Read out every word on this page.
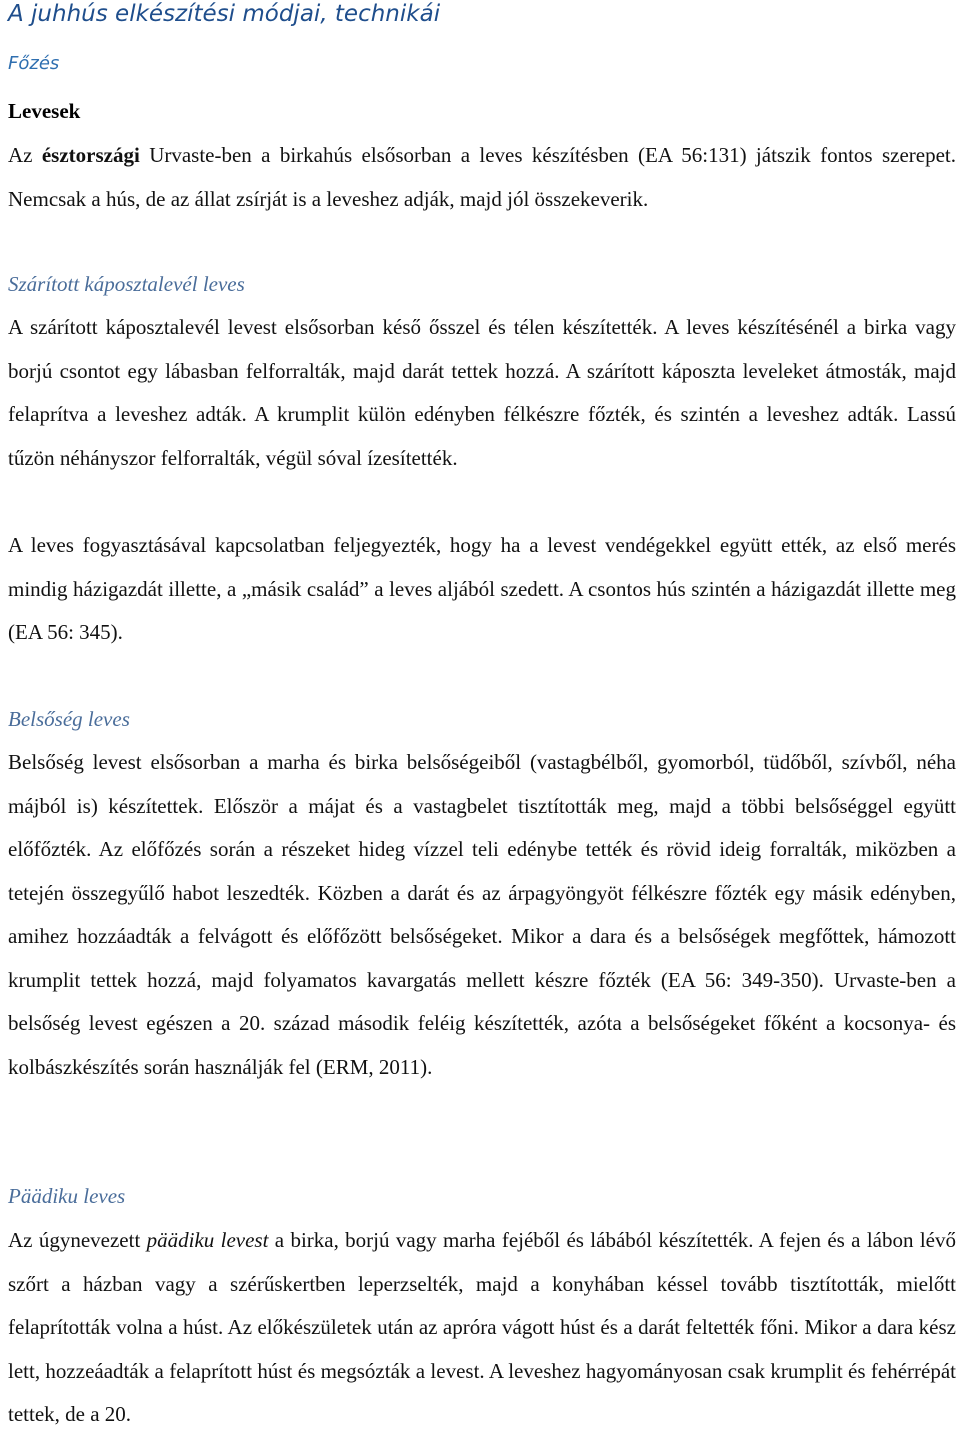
A juhhús elkészítési módjai, technikái
Főzés
Levesek

Az észtországi Urvaste-ben a birkahús elsősorban a leves készítésben (EA 56:131) játszik fontos szerepet. Nemcsak a hús, de az állat zsírját is a leveshez adják, majd jól összekeverik.

Szárított káposztalevél leves

A szárított káposztalevél levest elsősorban késő ősszel és télen készítették. A leves készítésénél a birka vagy borjú csontot egy lábasban felforralták, majd darát tettek hozzá. A szárított káposzta leveleket átmosták, majd felaprítva a leveshez adták. A krumplit külön edényben félkészre főzték, és szintén a leveshez adták. Lassú tűzön néhányszor felforralták, végül sóval ízesítették.

A leves fogyasztásával kapcsolatban feljegyezték, hogy ha a levest vendégekkel együtt ették, az első merés mindig házigazdát illette, a „másik család” a leves aljából szedett. A csontos hús szintén a házigazdát illette meg (EA 56: 345).

Belsőség leves

Belsőség levest elsősorban a marha és birka belsőségeiből (vastagbélből, gyomorból, tüdőből, szívből, néha májból is) készítettek. Először a májat és a vastagbelet tisztították meg, majd a többi belsőséggel együtt előfőzték. Az előfőzés során a részeket hideg vízzel teli edénybe tették és rövid ideig forralták, miközben a tetején összegyűlő habot leszedték. Közben a darát és az árpagyöngyöt félkészre főzték egy másik edényben, amihez hozzáadták a felvágott és előfőzött belsőségeket. Mikor a dara és a belsőségek megfőttek, hámozott krumplit tettek hozzá, majd folyamatos kavargatás mellett készre főzték (EA 56: 349-350). Urvaste-ben a belsőség levest egészen a 20. század második feléig készítették, azóta a belsőségeket főként a kocsonya- és kolbászkészítés során használják fel (ERM, 2011).

Päädiku leves

Az úgynevezett päädiku levest a birka, borjú vagy marha fejéből és lábából készítették. A fejen és a lábon lévő szőrt a házban vagy a szérűskertben leperzselték, majd a konyhában késsel tovább tisztították, mielőtt felaprították volna a húst. Az előkészületek után az apróra vágott húst és a darát feltették főni. Mikor a dara kész lett, hozzeáadták a felaprított húst és megsózták a levest. A leveshez hagyományosan csak krumplit és fehérrépát tettek, de a 20.
